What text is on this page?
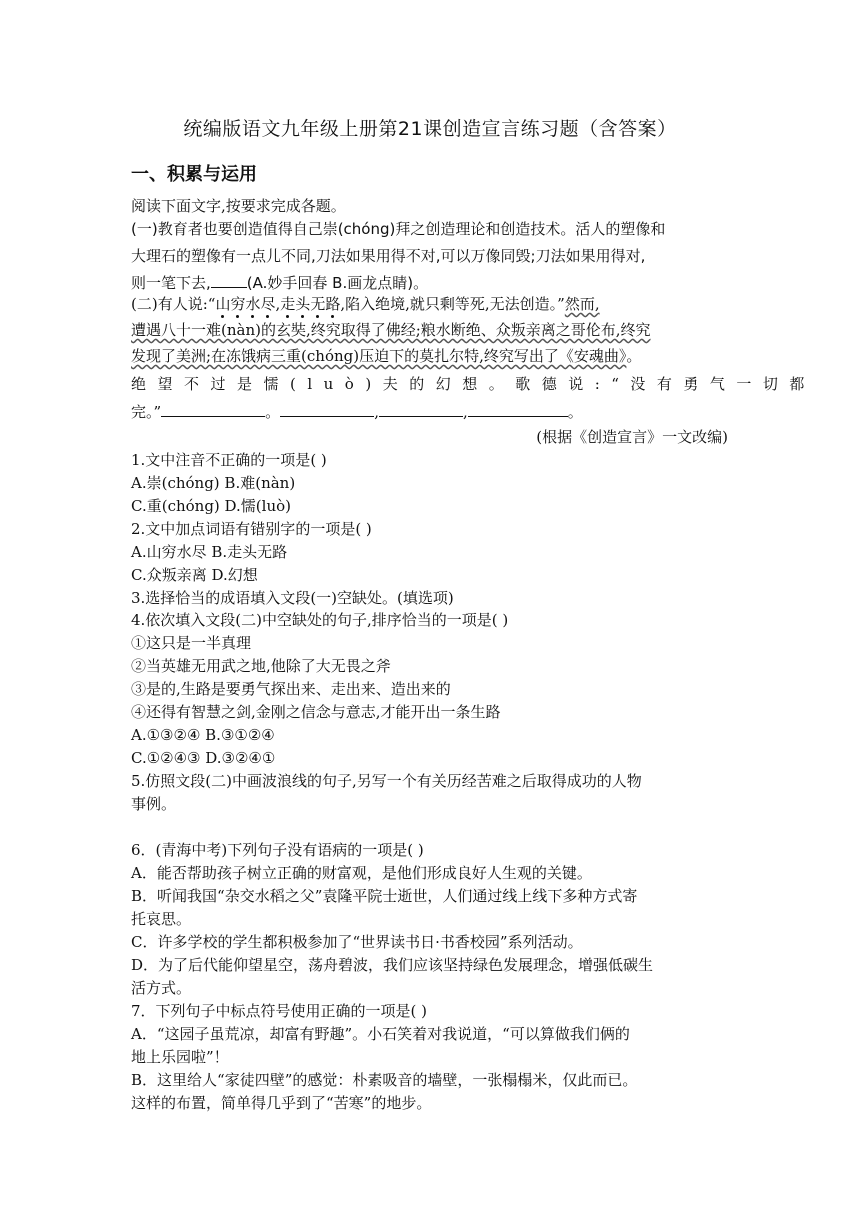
统编版语文九年级上册第21课创造宣言练习题（含答案）
一、积累与运用
阅读下面文字,按要求完成各题。
(一)教育者也要创造值得自己崇(chóng)拜之创造理论和创造技术。活人的塑像和
大理石的塑像有一点儿不同,刀法如果用得不对,可以万像同毁;刀法如果用得对,
则一笔下去, (A.妙手回春 B.画龙点睛)。
(二)有人说:“山穷水尽,走头无路,陷入绝境,就只剩等死,无法创造。”然而,
遭遇八十一难(nàn)的玄奘,终究取得了佛经;粮水断绝、众叛亲离之哥伦布,终究
发现了美洲;在冻饿病三重(chóng)压迫下的莫扎尔特,终究写出了《安魂曲》。
绝望不过是懦(luò)夫的幻想。歌德说:“没有勇气一切都
完。”	。	,	,	。
(根据《创造宣言》一文改编)
1.文中注音不正确的一项是( )
A.崇(chóng) B.难(nàn)
C.重(chóng) D.懦(luò)
2.文中加点词语有错别字的一项是( )
A.山穷水尽 B.走头无路
C.众叛亲离 D.幻想
3.选择恰当的成语填入文段(一)空缺处。(填选项)
4.依次填入文段(二)中空缺处的句子,排序恰当的一项是( )
①这只是一半真理
②当英雄无用武之地,他除了大无畏之斧
③是的,生路是要勇气探出来、走出来、造出来的
④还得有智慧之剑,金刚之信念与意志,才能开出一条生路
A.①③②④ B.③①②④
C.①②④③ D.③②④①
5.仿照文段(二)中画波浪线的句子,另写一个有关历经苦难之后取得成功的人物
事例。
6．(青海中考)下列句子没有语病的一项是( )
A．能否帮助孩子树立正确的财富观，是他们形成良好人生观的关键。
B．听闻我国“杂交水稻之父”袁隆平院士逝世，人们通过线上线下多种方式寄
托哀思。
C．许多学校的学生都积极参加了“世界读书日·书香校园”系列活动。
D．为了后代能仰望星空，荡舟碧波，我们应该坚持绿色发展理念，增强低碳生
活方式。
7．下列句子中标点符号使用正确的一项是( )
A．“这园子虽荒凉，却富有野趣”。小石笑着对我说道，“可以算做我们俩的
地上乐园啦”！
B．这里给人“家徒四壁”的感觉：朴素吸音的墙壁，一张榻榻米，仅此而已。
这样的布置，简单得几乎到了“苦寒”的地步。
